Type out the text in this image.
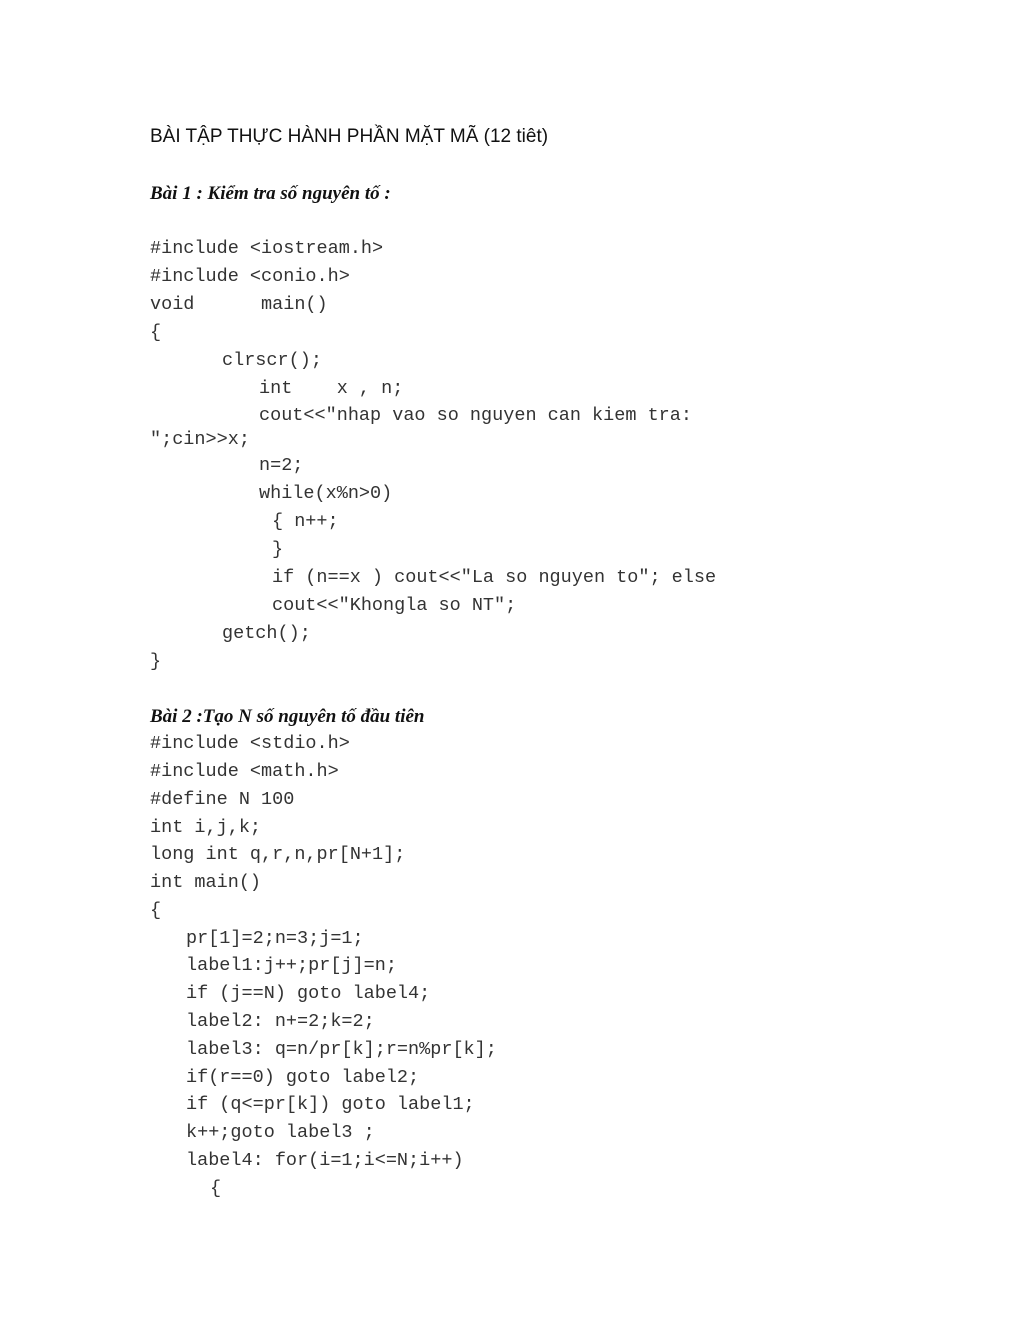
BÀI TẬP THỰC HÀNH PHẦN MẶT MÃ (12 tiêt)
Bài 1 : Kiểm tra số nguyên tố :
#include <iostream.h>
#include <conio.h>
void      main()
{
clrscr();
int    x , n;
cout<<"nhap vao so nguyen can kiem tra:
";cin>>x;
n=2;
while(x%n>0)
{ n++;
}
if (n==x ) cout<<"La so nguyen to"; else
cout<<"Khongla so NT";
getch();
}
Bài 2 :Tạo N số nguyên tố đầu tiên
#include <stdio.h>
#include <math.h>
#define N 100
int i,j,k;
long int q,r,n,pr[N+1];
int main()
{
pr[1]=2;n=3;j=1;
label1:j++;pr[j]=n;
if (j==N) goto label4;
label2: n+=2;k=2;
label3: q=n/pr[k];r=n%pr[k];
if(r==0) goto label2;
if (q<=pr[k]) goto label1;
k++;goto label3 ;
label4: for(i=1;i<=N;i++)
{
